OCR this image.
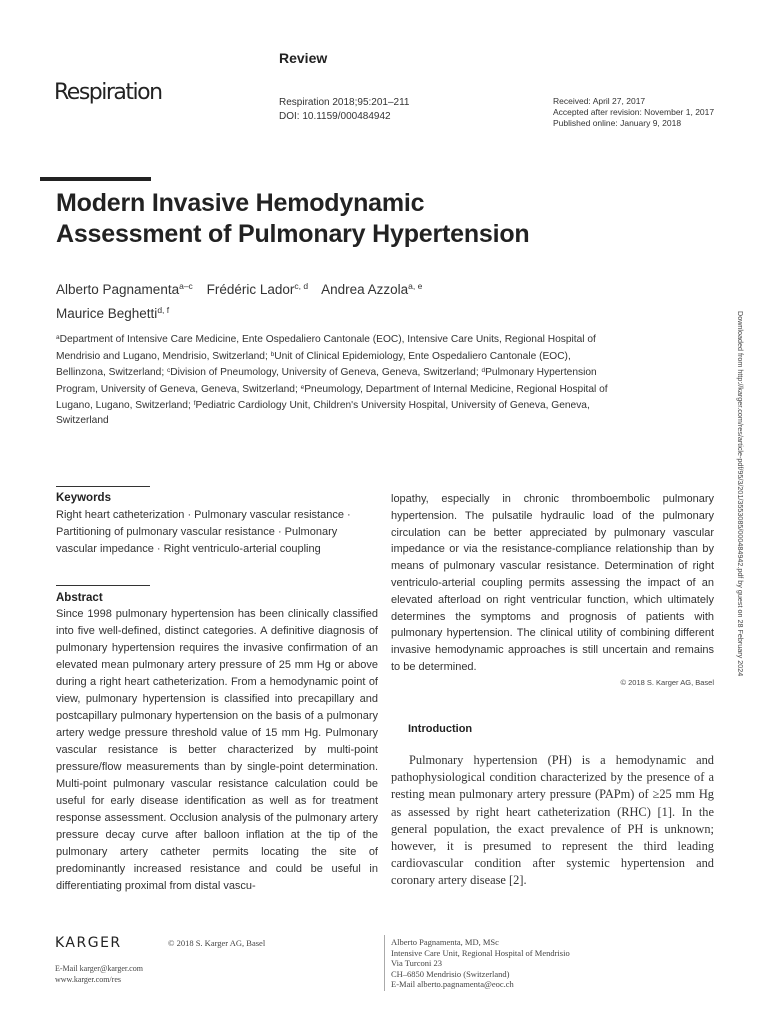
Review
Respiration	Respiration 2018;95:201–211
DOI: 10.1159/000484942
Received: April 27, 2017
Accepted after revision: November 1, 2017
Published online: January 9, 2018
Modern Invasive Hemodynamic
Assessment of Pulmonary Hypertension
Alberto Pagnamenta$^{a-c}$ Frédéric Lador$^{c, d}$ Andrea Azzola$^{a, e}$
Maurice Beghetti$^{d, f}$
$^a$Department of Intensive Care Medicine, Ente Ospedaliero Cantonale (EOC), Intensive Care Units, Regional Hospital of Mendrisio and Lugano, Mendrisio, Switzerland; $^b$Unit of Clinical Epidemiology, Ente Ospedaliero Cantonale (EOC), Bellinzona, Switzerland; $^c$Division of Pneumology, University of Geneva, Geneva, Switzerland; $^d$Pulmonary Hypertension Program, University of Geneva, Geneva, Switzerland; $^e$Pneumology, Department of Internal Medicine, Regional Hospital of Lugano, Lugano, Switzerland; $^f$Pediatric Cardiology Unit, Children's University Hospital, University of Geneva, Geneva, Switzerland	Downloaded from http://karger.com/res/article-pdf/95/3/201/3553085/000484942.pdf by guest on 28 February 2024
Keywords
Right heart catheterization · Pulmonary vascular resistance · Partitioning of pulmonary vascular resistance · Pulmonary vascular impedance · Right ventriculo-arterial coupling
Abstract
Since 1998 pulmonary hypertension has been clinically classified into five well-defined, distinct categories. A definitive diagnosis of pulmonary hypertension requires the invasive confirmation of an elevated mean pulmonary artery pressure of 25 mm Hg or above during a right heart catheterization. From a hemodynamic point of view, pulmonary hypertension is classified into precapillary and postcapillary pulmonary hypertension on the basis of a pulmonary artery wedge pressure threshold value of 15 mm Hg. Pulmonary vascular resistance is better characterized by multi-point pressure/flow measurements than by single-point determination. Multi-point pulmonary vascular resistance calculation could be useful for early disease identification as well as for treatment response assessment. Occlusion analysis of the pulmonary artery pressure decay curve after balloon inflation at the tip of the pulmonary artery catheter permits locating the site of predominantly increased resistance and could be useful in differentiating proximal from distal vascu-
lopathy, especially in chronic thromboembolic pulmonary hypertension. The pulsatile hydraulic load of the pulmonary circulation can be better appreciated by pulmonary vascular impedance or via the resistance-compliance relationship than by means of pulmonary vascular resistance. Determination of right ventriculo-arterial coupling permits assessing the impact of an elevated afterload on right ventricular function, which ultimately determines the symptoms and prognosis of patients with pulmonary hypertension. The clinical utility of combining different invasive hemodynamic approaches is still uncertain and remains to be determined.
© 2018 S. Karger AG, Basel
Introduction
Pulmonary hypertension (PH) is a hemodynamic and pathophysiological condition characterized by the presence of a resting mean pulmonary artery pressure (PAPm) of ≥25 mm Hg as assessed by right heart catheterization (RHC) [1]. In the general population, the exact prevalence of PH is unknown; however, it is presumed to represent the third leading cardiovascular condition after systemic hypertension and coronary artery disease [2].
KARGER	© 2018 S. Karger AG, Basel
E-Mail karger@karger.com
www.karger.com/res
Alberto Pagnamenta, MD, MSc
Intensive Care Unit, Regional Hospital of Mendrisio
Via Turconi 23
CH–6850 Mendrisio (Switzerland)
E-Mail alberto.pagnamenta@eoc.ch
